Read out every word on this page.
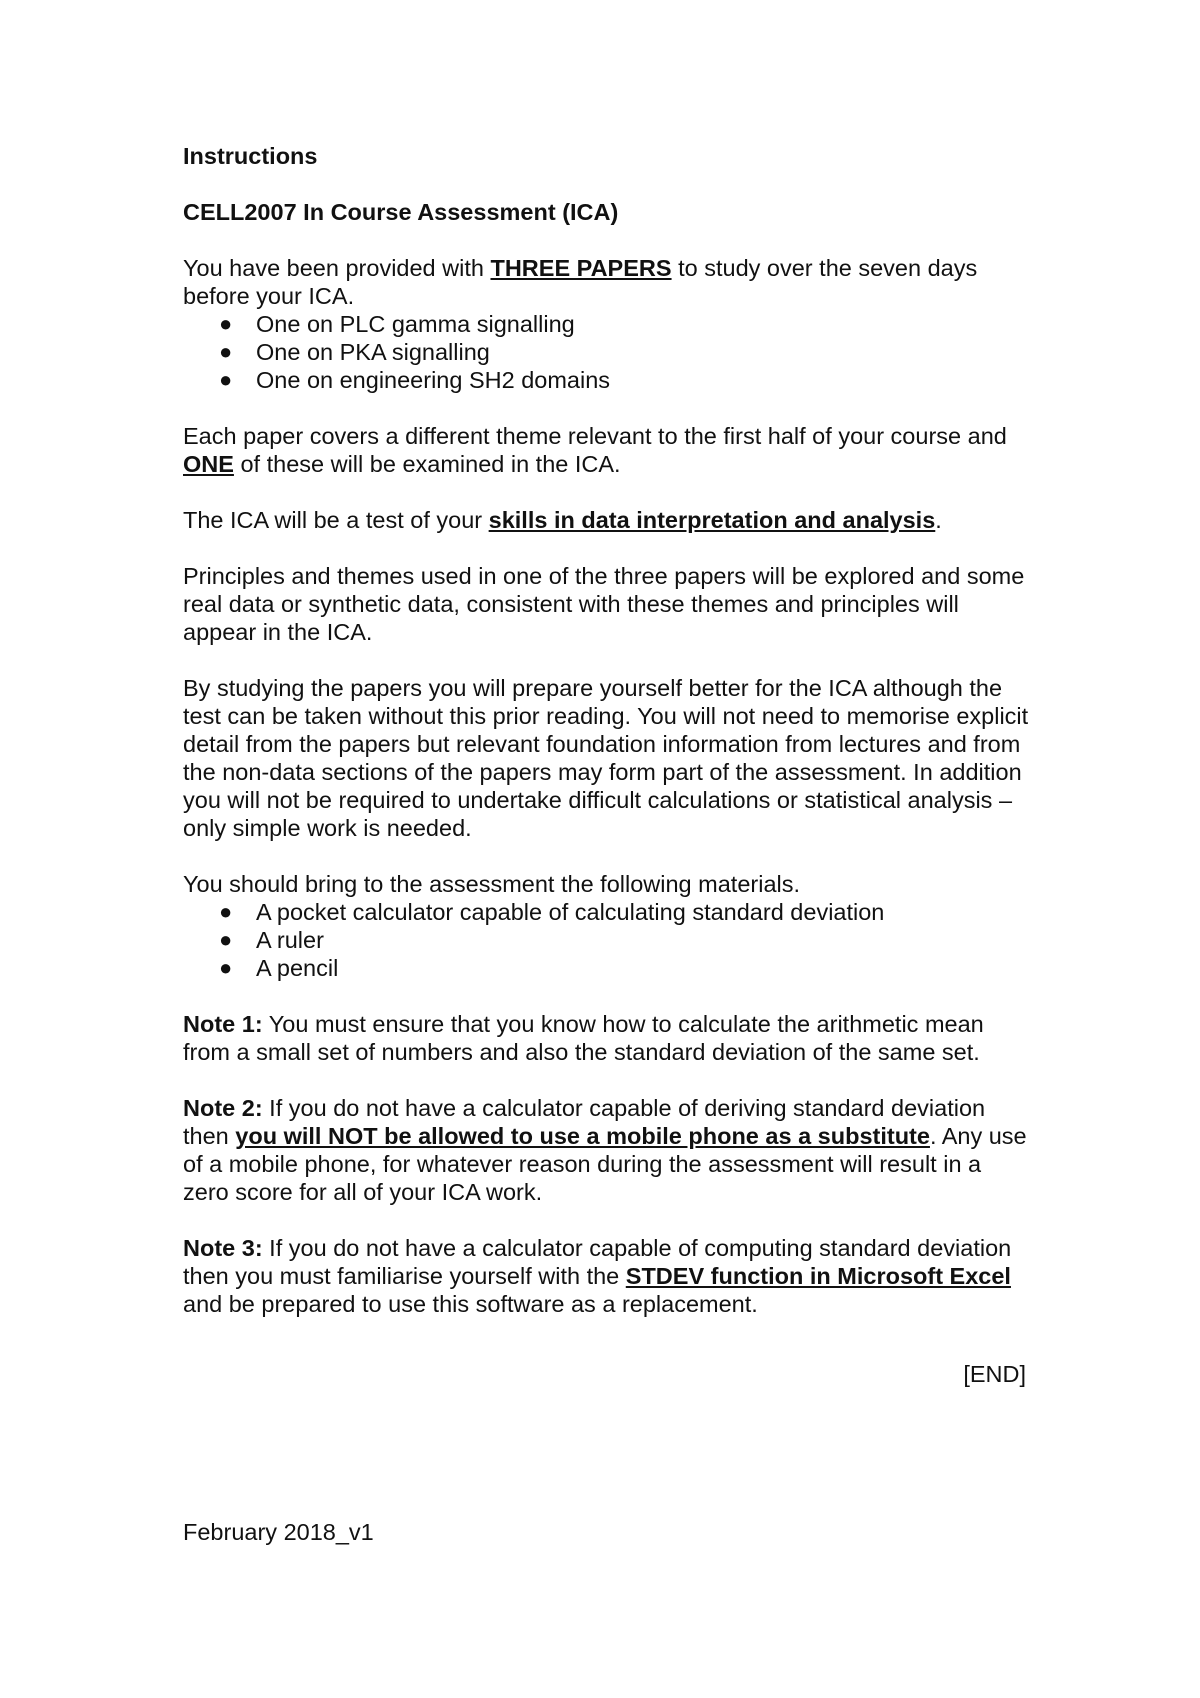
Instructions

CELL2007 In Course Assessment (ICA)

You have been provided with THREE PAPERS to study over the seven days before your ICA.

● One on PLC gamma signalling
● One on PKA signalling
● One on engineering SH2 domains

Each paper covers a different theme relevant to the first half of your course and ONE of these will be examined in the ICA.

The ICA will be a test of your skills in data interpretation and analysis.

Principles and themes used in one of the three papers will be explored and some real data or synthetic data, consistent with these themes and principles will appear in the ICA.

By studying the papers you will prepare yourself better for the ICA although the test can be taken without this prior reading. You will not need to memorise explicit detail from the papers but relevant foundation information from lectures and from the non-data sections of the papers may form part of the assessment. In addition you will not be required to undertake difficult calculations or statistical analysis – only simple work is needed.

You should bring to the assessment the following materials.

● A pocket calculator capable of calculating standard deviation
● A ruler
● A pencil

Note 1: You must ensure that you know how to calculate the arithmetic mean from a small set of numbers and also the standard deviation of the same set.

Note 2: If you do not have a calculator capable of deriving standard deviation then you will NOT be allowed to use a mobile phone as a substitute. Any use of a mobile phone, for whatever reason during the assessment will result in a zero score for all of your ICA work.

Note 3: If you do not have a calculator capable of computing standard deviation then you must familiarise yourself with the STDEV function in Microsoft Excel and be prepared to use this software as a replacement.

[END]

February 2018_v1
